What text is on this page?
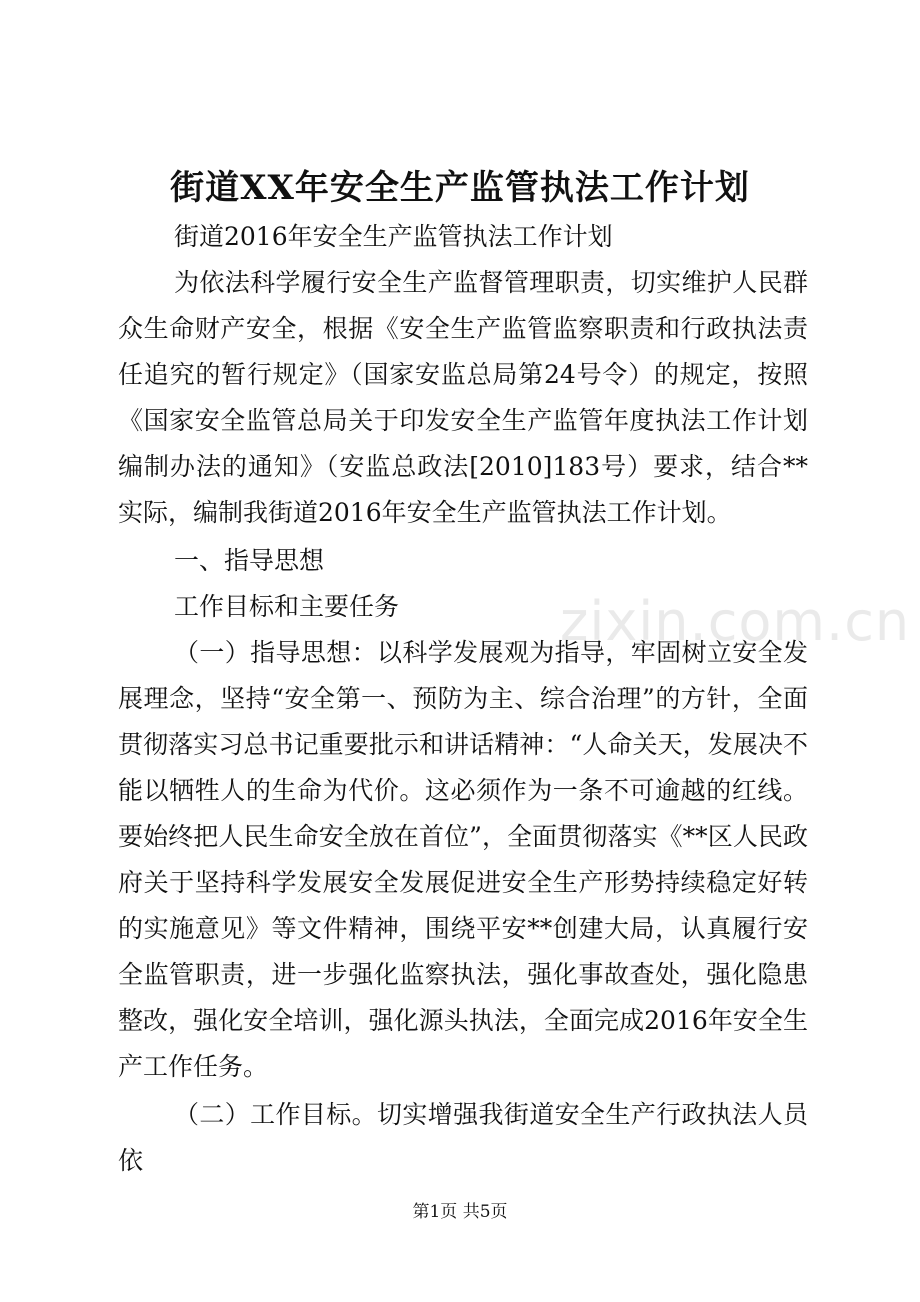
街道XX年安全生产监管执法工作计划

街道2016年安全生产监管执法工作计划

为依法科学履行安全生产监督管理职责，切实维护人民群众生命财产安全，根据《安全生产监管监察职责和行政执法责任追究的暂行规定》（国家安监总局第24号令）的规定，按照《国家安全监管总局关于印发安全生产监管年度执法工作计划编制办法的通知》（安监总政法[2010]183号）要求，结合**实际，编制我街道2016年安全生产监管执法工作计划。

一、指导思想

工作目标和主要任务

（一）指导思想：以科学发展观为指导，牢固树立安全发展理念，坚持“安全第一、预防为主、综合治理”的方针，全面贯彻落实习总书记重要批示和讲话精神：“人命关天，发展决不能以牺牲人的生命为代价。这必须作为一条不可逾越的红线。要始终把人民生命安全放在首位”，全面贯彻落实《**区人民政府关于坚持科学发展安全发展促进安全生产形势持续稳定好转的实施意见》等文件精神，围绕平安**创建大局，认真履行安全监管职责，进一步强化监察执法，强化事故查处，强化隐患整改，强化安全培训，强化源头执法，全面完成2016年安全生产工作任务。

（二）工作目标。切实增强我街道安全生产行政执法人员依

zixin.com.cn
第1页 共5页
